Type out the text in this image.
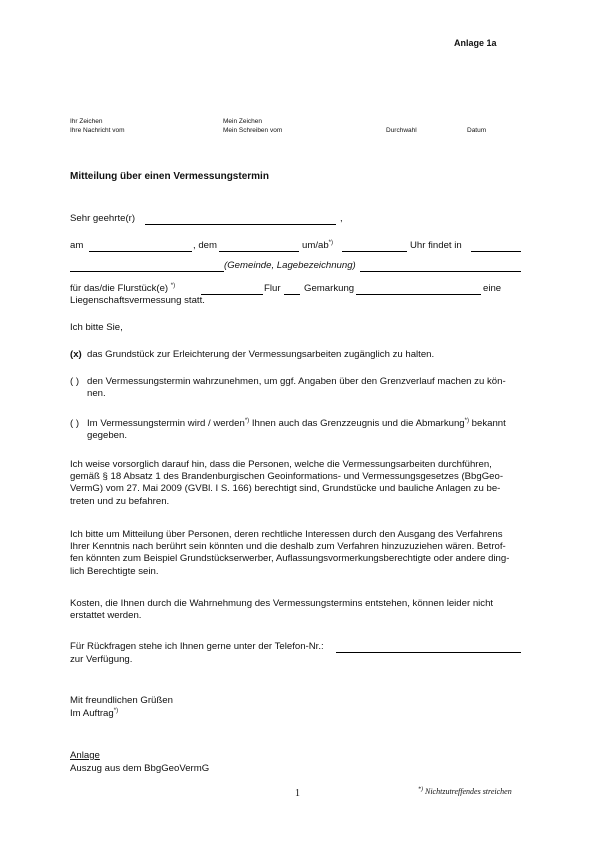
Anlage 1a
Ihr Zeichen
Ihre Nachricht vom
Mein Zeichen
Mein Schreiben vom	Durchwahl	Datum
Mitteilung über einen Vermessungstermin
Sehr geehrte(r)	,
am	, dem	um/ab*)	Uhr findet in
(Gemeinde, Lagebezeichnung)
für das/die Flurstück(e) *)	Flur Gemarkung	eine
Liegenschaftsvermessung statt.
Ich bitte Sie,
(x) das Grundstück zur Erleichterung der Vermessungsarbeiten zugänglich zu halten.
( ) den Vermessungstermin wahrzunehmen, um ggf. Angaben über den Grenzverlauf machen zu kön-
nen.
( ) Im Vermessungstermin wird / werden*) Ihnen auch das Grenzzeugnis und die Abmarkung*) bekannt
gegeben.
Ich weise vorsorglich darauf hin, dass die Personen, welche die Vermessungsarbeiten durchführen,
gemäß § 18 Absatz 1 des Brandenburgischen Geoinformations- und Vermessungsgesetzes (BbgGeo-
VermG) vom 27. Mai 2009 (GVBl. I S. 166) berechtigt sind, Grundstücke und bauliche Anlagen zu be-
treten und zu befahren.
Ich bitte um Mitteilung über Personen, deren rechtliche Interessen durch den Ausgang des Verfahrens
Ihrer Kenntnis nach berührt sein könnten und die deshalb zum Verfahren hinzuzuziehen wären. Betrof-
fen könnten zum Beispiel Grundstückserwerber, Auflassungsvormerkungsberechtigte oder andere ding-
lich Berechtigte sein.
Kosten, die Ihnen durch die Wahrnehmung des Vermessungstermins entstehen, können leider nicht
erstattet werden.
Für Rückfragen stehe ich Ihnen gerne unter der Telefon-Nr.:
zur Verfügung.
Mit freundlichen Grüßen
Im Auftrag*)
Anlage
Auszug aus dem BbgGeoVermG
1	*) Nichtzutreffendes streichen
